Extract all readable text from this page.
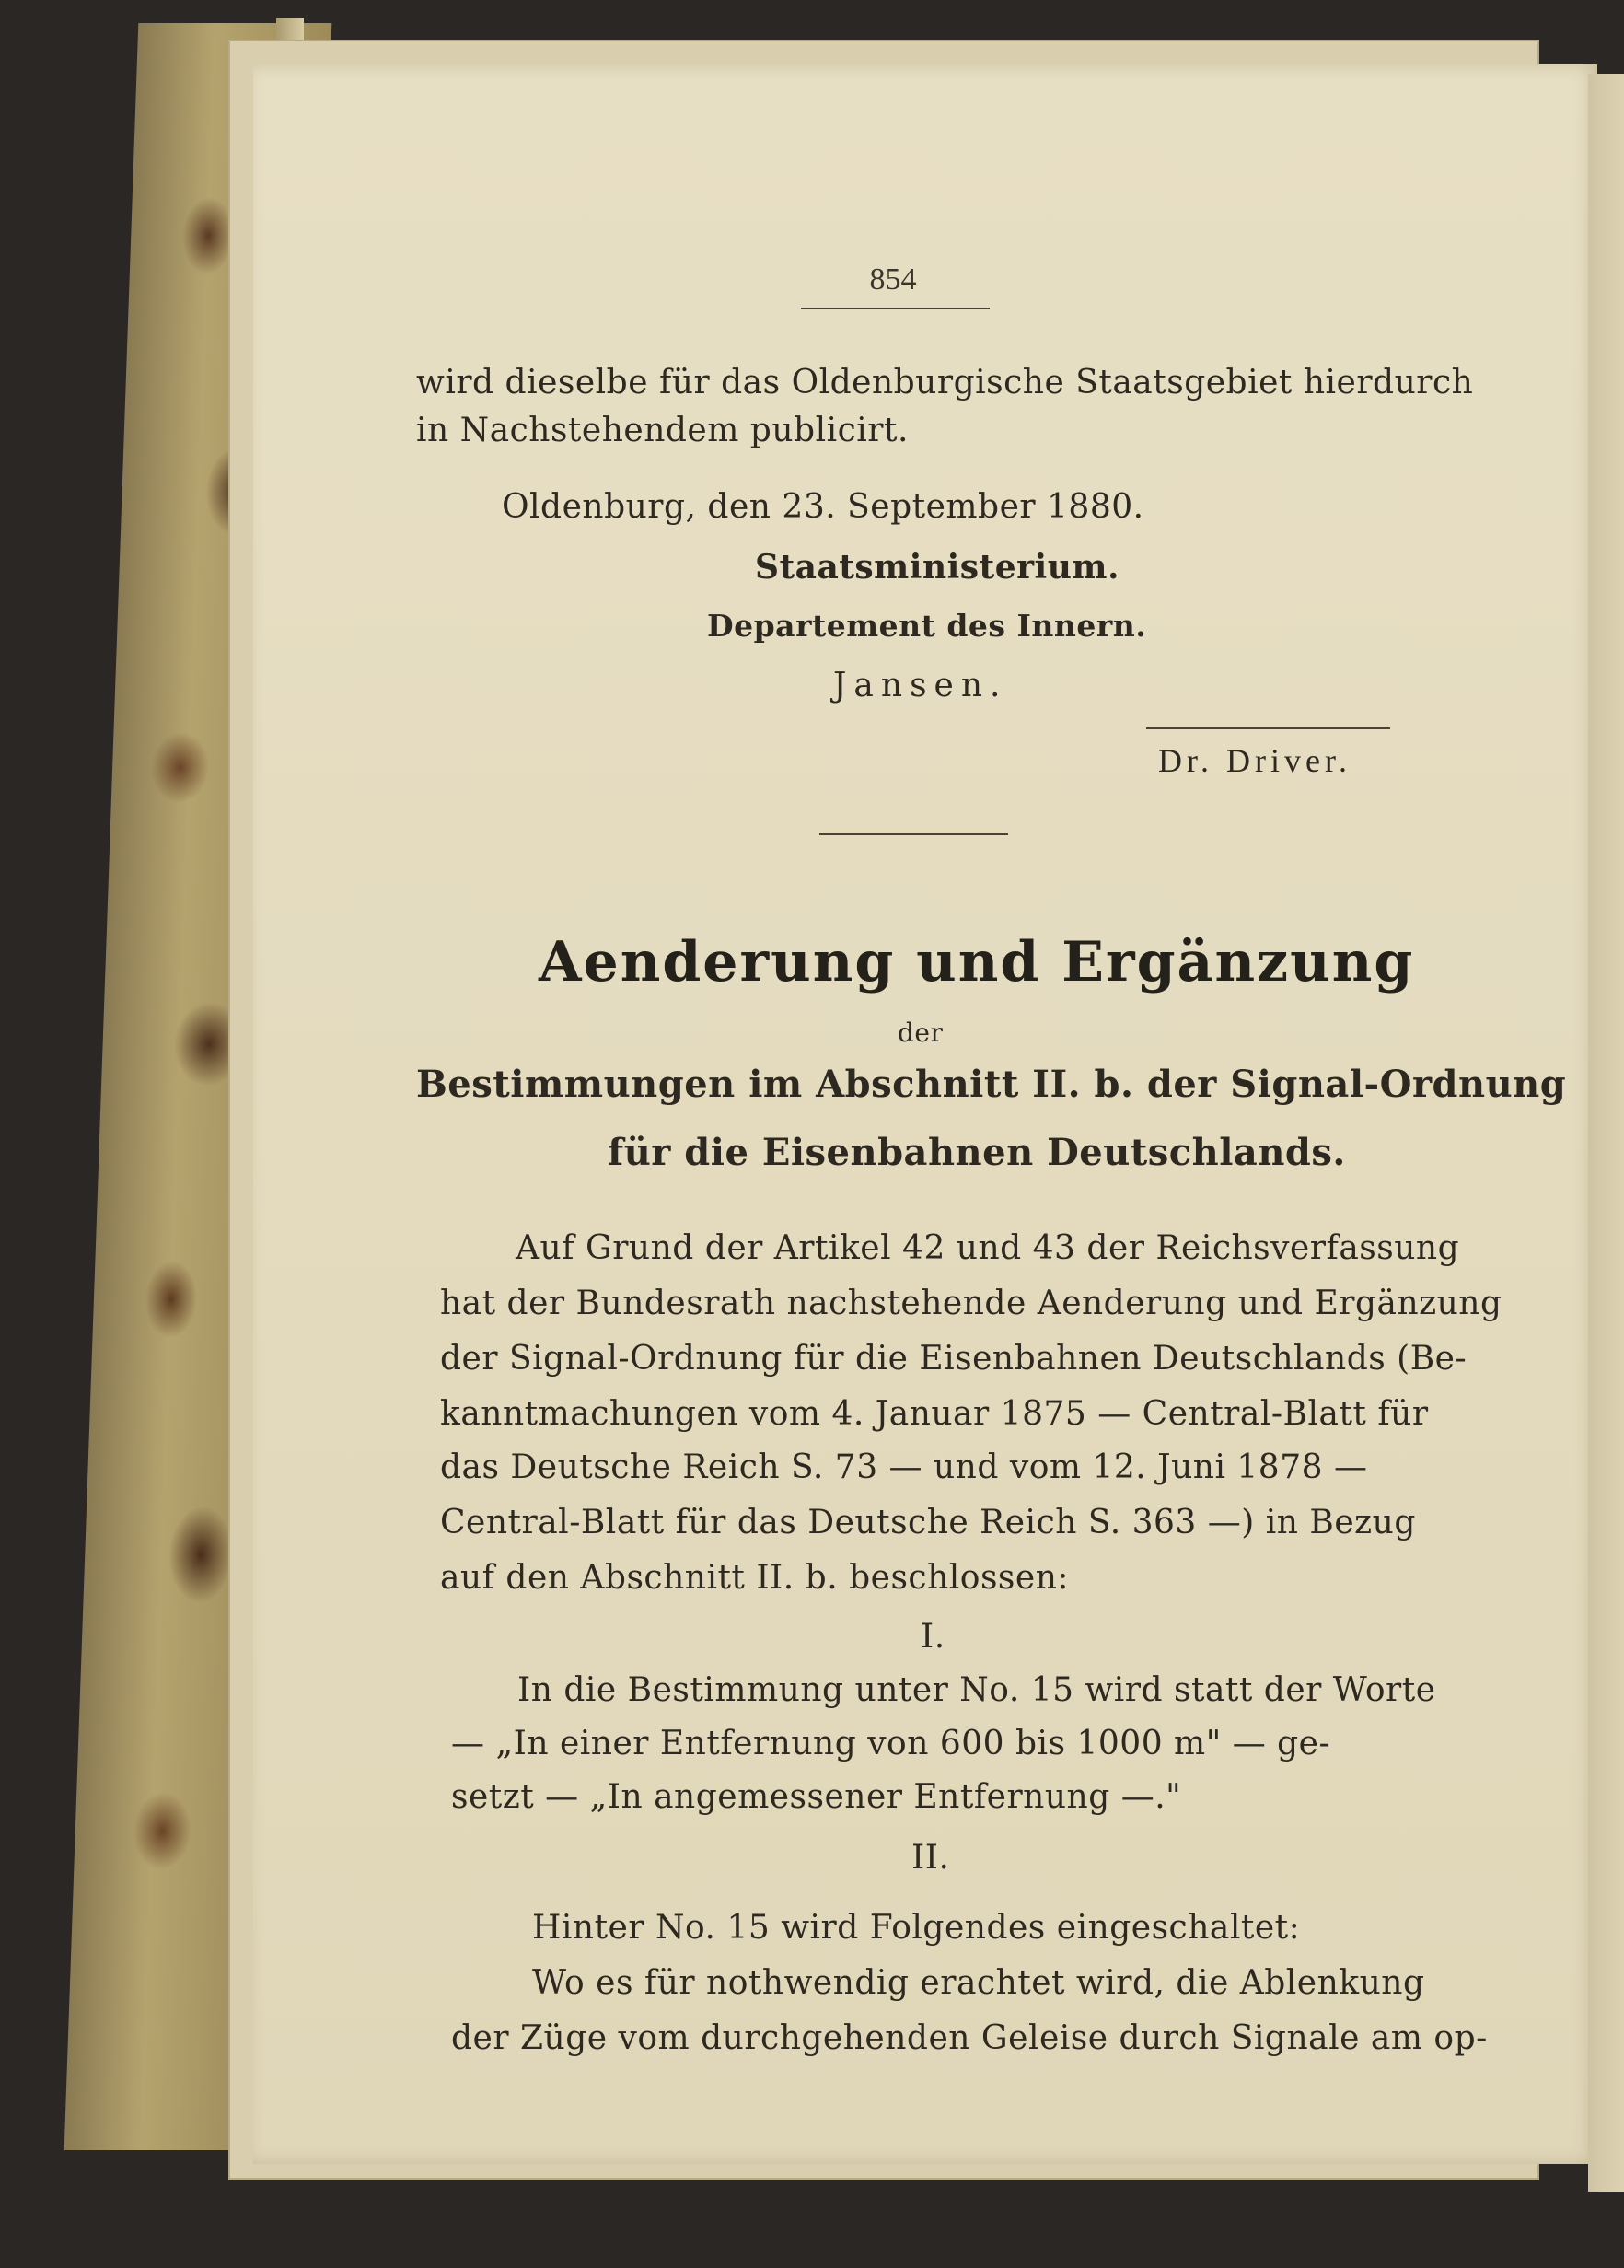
854
wird dieselbe für das Oldenburgische Staatsgebiet hierdurch
in Nachstehendem publicirt.
Oldenburg, den 23. September 1880.
Staatsministerium.
Departement des Innern.
Jansen.
Dr. Driver.
Aenderung und Ergänzung
der
Bestimmungen im Abschnitt II. b. der Signal-Ordnung
für die Eisenbahnen Deutschlands.
Auf Grund der Artikel 42 und 43 der Reichsverfassung
hat der Bundesrath nachstehende Aenderung und Ergänzung
der Signal-Ordnung für die Eisenbahnen Deutschlands (Be-
kanntmachungen vom 4. Januar 1875 — Central-Blatt für
das Deutsche Reich S. 73 — und vom 12. Juni 1878 —
Central-Blatt für das Deutsche Reich S. 363 —) in Bezug
auf den Abschnitt II. b. beschlossen:
I.
In die Bestimmung unter No. 15 wird statt der Worte
— „In einer Entfernung von 600 bis 1000 m" — ge-
setzt — „In angemessener Entfernung —."
II.
Hinter No. 15 wird Folgendes eingeschaltet:
Wo es für nothwendig erachtet wird, die Ablenkung
der Züge vom durchgehenden Geleise durch Signale am op-
